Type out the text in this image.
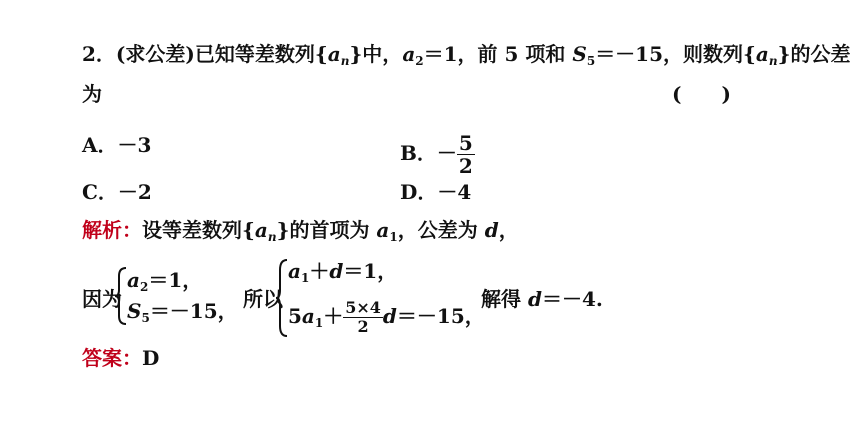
2．(求公差)已知等差数列$\{a_n\}$中，$a_2=1$，前 5 项和 $S_5=-15$，则数列$\{a_n\}$的公差
为	(　　)
A．－3	B．－ $\frac{5}{2}$
C．－2	D．－4
解析：设等差数列$\{a_n\}$的首项为 $a_1$，公差为 d，
因为
$a_2=1$，
$S_5=-15$， 所以
$a_1+d=1$，
$5a_1+ \frac{5\times 4}{2} d=-15$，
解得 d＝－4.
答案：D
